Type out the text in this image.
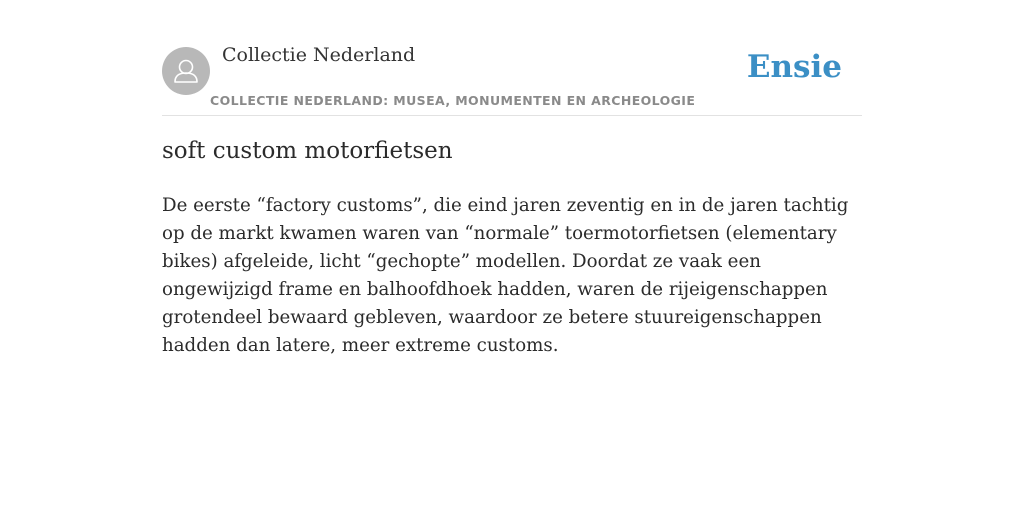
Collectie Nederland
COLLECTIE NEDERLAND: MUSEA, MONUMENTEN EN ARCHEOLOGIE
Ensie
soft custom motorfietsen

De eerste “factory customs”, die eind jaren zeventig en in de jaren tachtig op de markt kwamen waren van “normale” toermotorfietsen (elementary bikes) afgeleide, licht “gechopte” modellen. Doordat ze vaak een ongewijzigd frame en balhoofdhoek hadden, waren de rijeigenschappen grotendeel bewaard gebleven, waardoor ze betere stuureigenschappen hadden dan latere, meer extreme customs.
